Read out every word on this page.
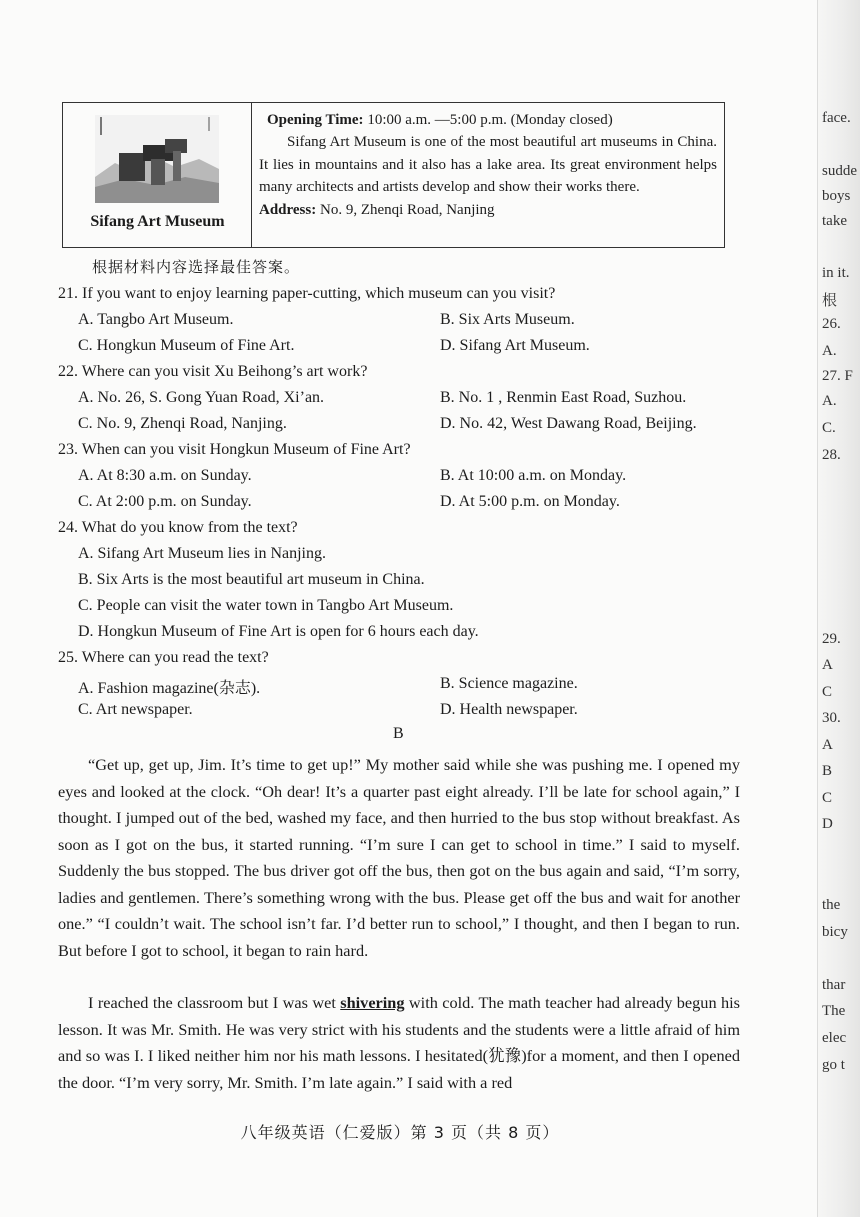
Sifang Art Museum
Opening Time: 10:00 a.m. —5:00 p.m. (Monday closed)
Sifang Art Museum is one of the most beautiful art museums in China. It lies in mountains and it also has a lake area. Its great environment helps many architects and artists develop and show their works there.
Address: No. 9, Zhenqi Road, Nanjing
根据材料内容选择最佳答案。
21. If you want to enjoy learning paper-cutting, which museum can you visit?
A. Tangbo Art Museum.	B. Six Arts Museum.
C. Hongkun Museum of Fine Art.	D. Sifang Art Museum.
22. Where can you visit Xu Beihong’s art work?
A. No. 26, S. Gong Yuan Road, Xi’an.	B. No. 1 , Renmin East Road, Suzhou.
C. No. 9, Zhenqi Road, Nanjing.	D. No. 42, West Dawang Road, Beijing.
23. When can you visit Hongkun Museum of Fine Art?
A. At 8:30 a.m. on Sunday.	B. At 10:00 a.m. on Monday.
C. At 2:00 p.m. on Sunday.	D. At 5:00 p.m. on Monday.
24. What do you know from the text?
A. Sifang Art Museum lies in Nanjing.
B. Six Arts is the most beautiful art museum in China.
C. People can visit the water town in Tangbo Art Museum.
D. Hongkun Museum of Fine Art is open for 6 hours each day.
25. Where can you read the text?
A. Fashion magazine(杂志).	B. Science magazine.
C. Art newspaper.	D. Health newspaper.
B
“Get up, get up, Jim. It’s time to get up!” My mother said while she was pushing me. I opened my eyes and looked at the clock. “Oh dear! It’s a quarter past eight already. I’ll be late for school again,” I thought. I jumped out of the bed, washed my face, and then hurried to the bus stop without breakfast. As soon as I got on the bus, it started running. “I’m sure I can get to school in time.” I said to myself. Suddenly the bus stopped. The bus driver got off the bus, then got on the bus again and said, “I’m sorry, ladies and gentlemen. There’s something wrong with the bus. Please get off the bus and wait for another one.” “I couldn’t wait. The school isn’t far. I’d better run to school,” I thought, and then I began to run. But before I got to school, it began to rain hard.
I reached the classroom but I was wet shivering with cold. The math teacher had already begun his lesson. It was Mr. Smith. He was very strict with his students and the students were a little afraid of him and so was I. I liked neither him nor his math lessons. I hesitated(犹豫)for a moment, and then I opened the door. “I’m very sorry, Mr. Smith. I’m late again.” I said with a red
八年级英语（仁爱版）第 3 页（共 8 页）
face.
sudde
boys
take
in it.
根
26.
A.
27. F
A.
C.
28.
29.
A
C
30.
A
B
C
D
the
bicy
thar
The
elec
go t
